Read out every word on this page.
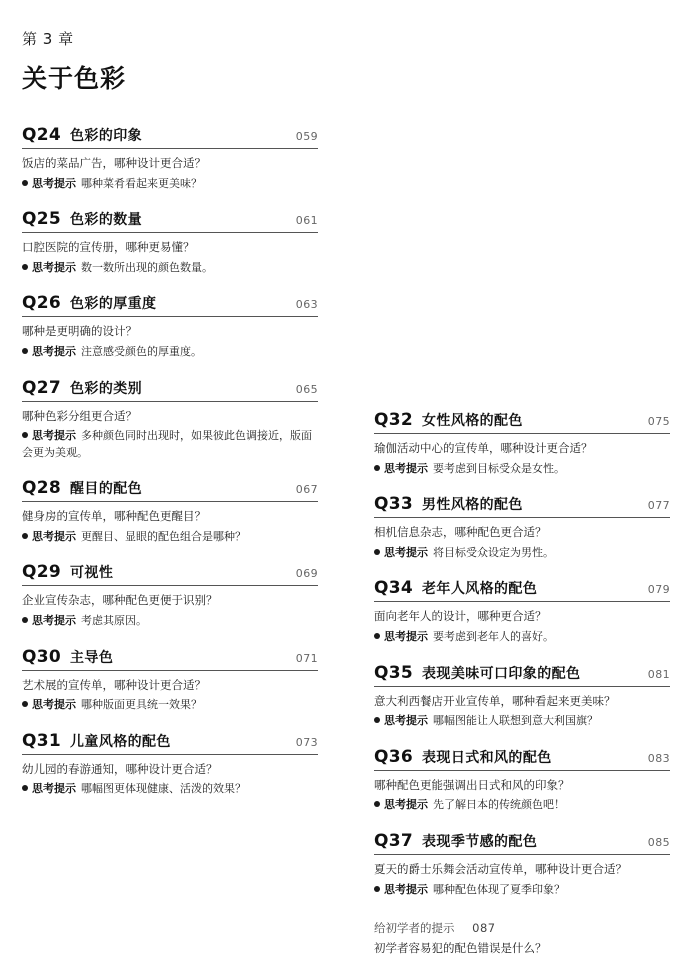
第 3 章
关于色彩
Q24 色彩的印象	059
饭店的菜品广告，哪种设计更合适？
思考提示 哪种菜肴看起来更美味？
Q25 色彩的数量	061
口腔医院的宣传册，哪种更易懂？
思考提示 数一数所出现的颜色数量。
Q26 色彩的厚重度	063
哪种是更明确的设计？
思考提示 注意感受颜色的厚重度。
Q27 色彩的类别	065
哪种色彩分组更合适？
思考提示 多种颜色同时出现时，如果彼此色调接近，版面会更为美观。
Q28 醒目的配色	067
健身房的宣传单，哪种配色更醒目？
思考提示 更醒目、显眼的配色组合是哪种？
Q29 可视性	069
企业宣传杂志，哪种配色更便于识别？
思考提示 考虑其原因。
Q30 主导色	071
艺术展的宣传单，哪种设计更合适？
思考提示 哪种版面更具统一效果？
Q31 儿童风格的配色	073
幼儿园的春游通知，哪种设计更合适？
思考提示 哪幅图更体现健康、活泼的效果？
Q32 女性风格的配色	075
瑜伽活动中心的宣传单，哪种设计更合适？
思考提示 要考虑到目标受众是女性。
Q33 男性风格的配色	077
相机信息杂志，哪种配色更合适？
思考提示 将目标受众设定为男性。
Q34 老年人风格的配色	079
面向老年人的设计，哪种更合适？
思考提示 要考虑到老年人的喜好。
Q35 表现美味可口印象的配色	081
意大利西餐店开业宣传单，哪种看起来更美味？
思考提示 哪幅图能让人联想到意大利国旗？
Q36 表现日式和风的配色	083
哪种配色更能强调出日式和风的印象？
思考提示 先了解日本的传统颜色吧！
Q37 表现季节感的配色	085
夏天的爵士乐舞会活动宣传单，哪种设计更合适？
思考提示 哪种配色体现了夏季印象？
给初学者的提示 087
初学者容易犯的配色错误是什么？
